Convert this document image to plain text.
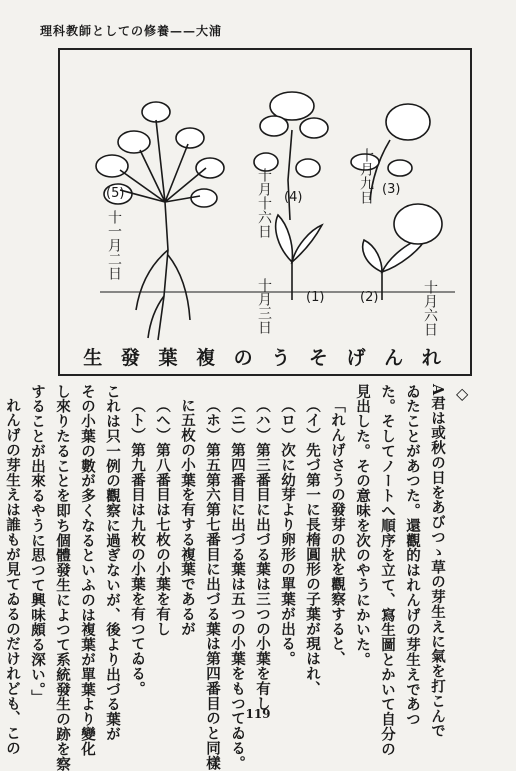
理科教師としての修養——大浦
(1)	(2)
(3)
(4)
(5)
十月三日	十月六日
十月九日
十月十六日
十一月二日
生 發 葉 複 の う そ げ ん れ
◇

A君は或秋の日をあびつゝ草の芽生えに氣を打こんで

ゐたことがあつた。還觀的はれんげの芽生えであつ

た。そしてノートへ順序を立て、寫生圖とかいて自分の

見出した。その意味を次のやうにかいた。

「れんげさうの發芽の狀を觀察すると、

（イ）先づ第一に長楕圓形の子葉が現はれ、

（ロ）次に幼芽より卵形の單葉が出る。

（ハ）第三番目に出づる葉は三つの小葉を有し

（ニ）第四番目に出づる葉は五つの小葉をもつてゐる。

（ホ）第五第六第七番目に出づる葉は第四番目のと同樣

に五枚の小葉を有する複葉であるが

（ヘ）第八番目は七枚の小葉を有し

（ト）第九番目は九枚の小葉を有つてゐる。

これは只一例の觀察に過ぎないが、後より出づる葉が

その小葉の數が多くなるといふのは複葉が單葉より變化

し來りたることを即ち個體發生によつて系統發生の跡を察

することが出來るやうに思つて興味頗る深い。」

れんげの芽生えは誰もが見てゐるのだけれども、この	119
